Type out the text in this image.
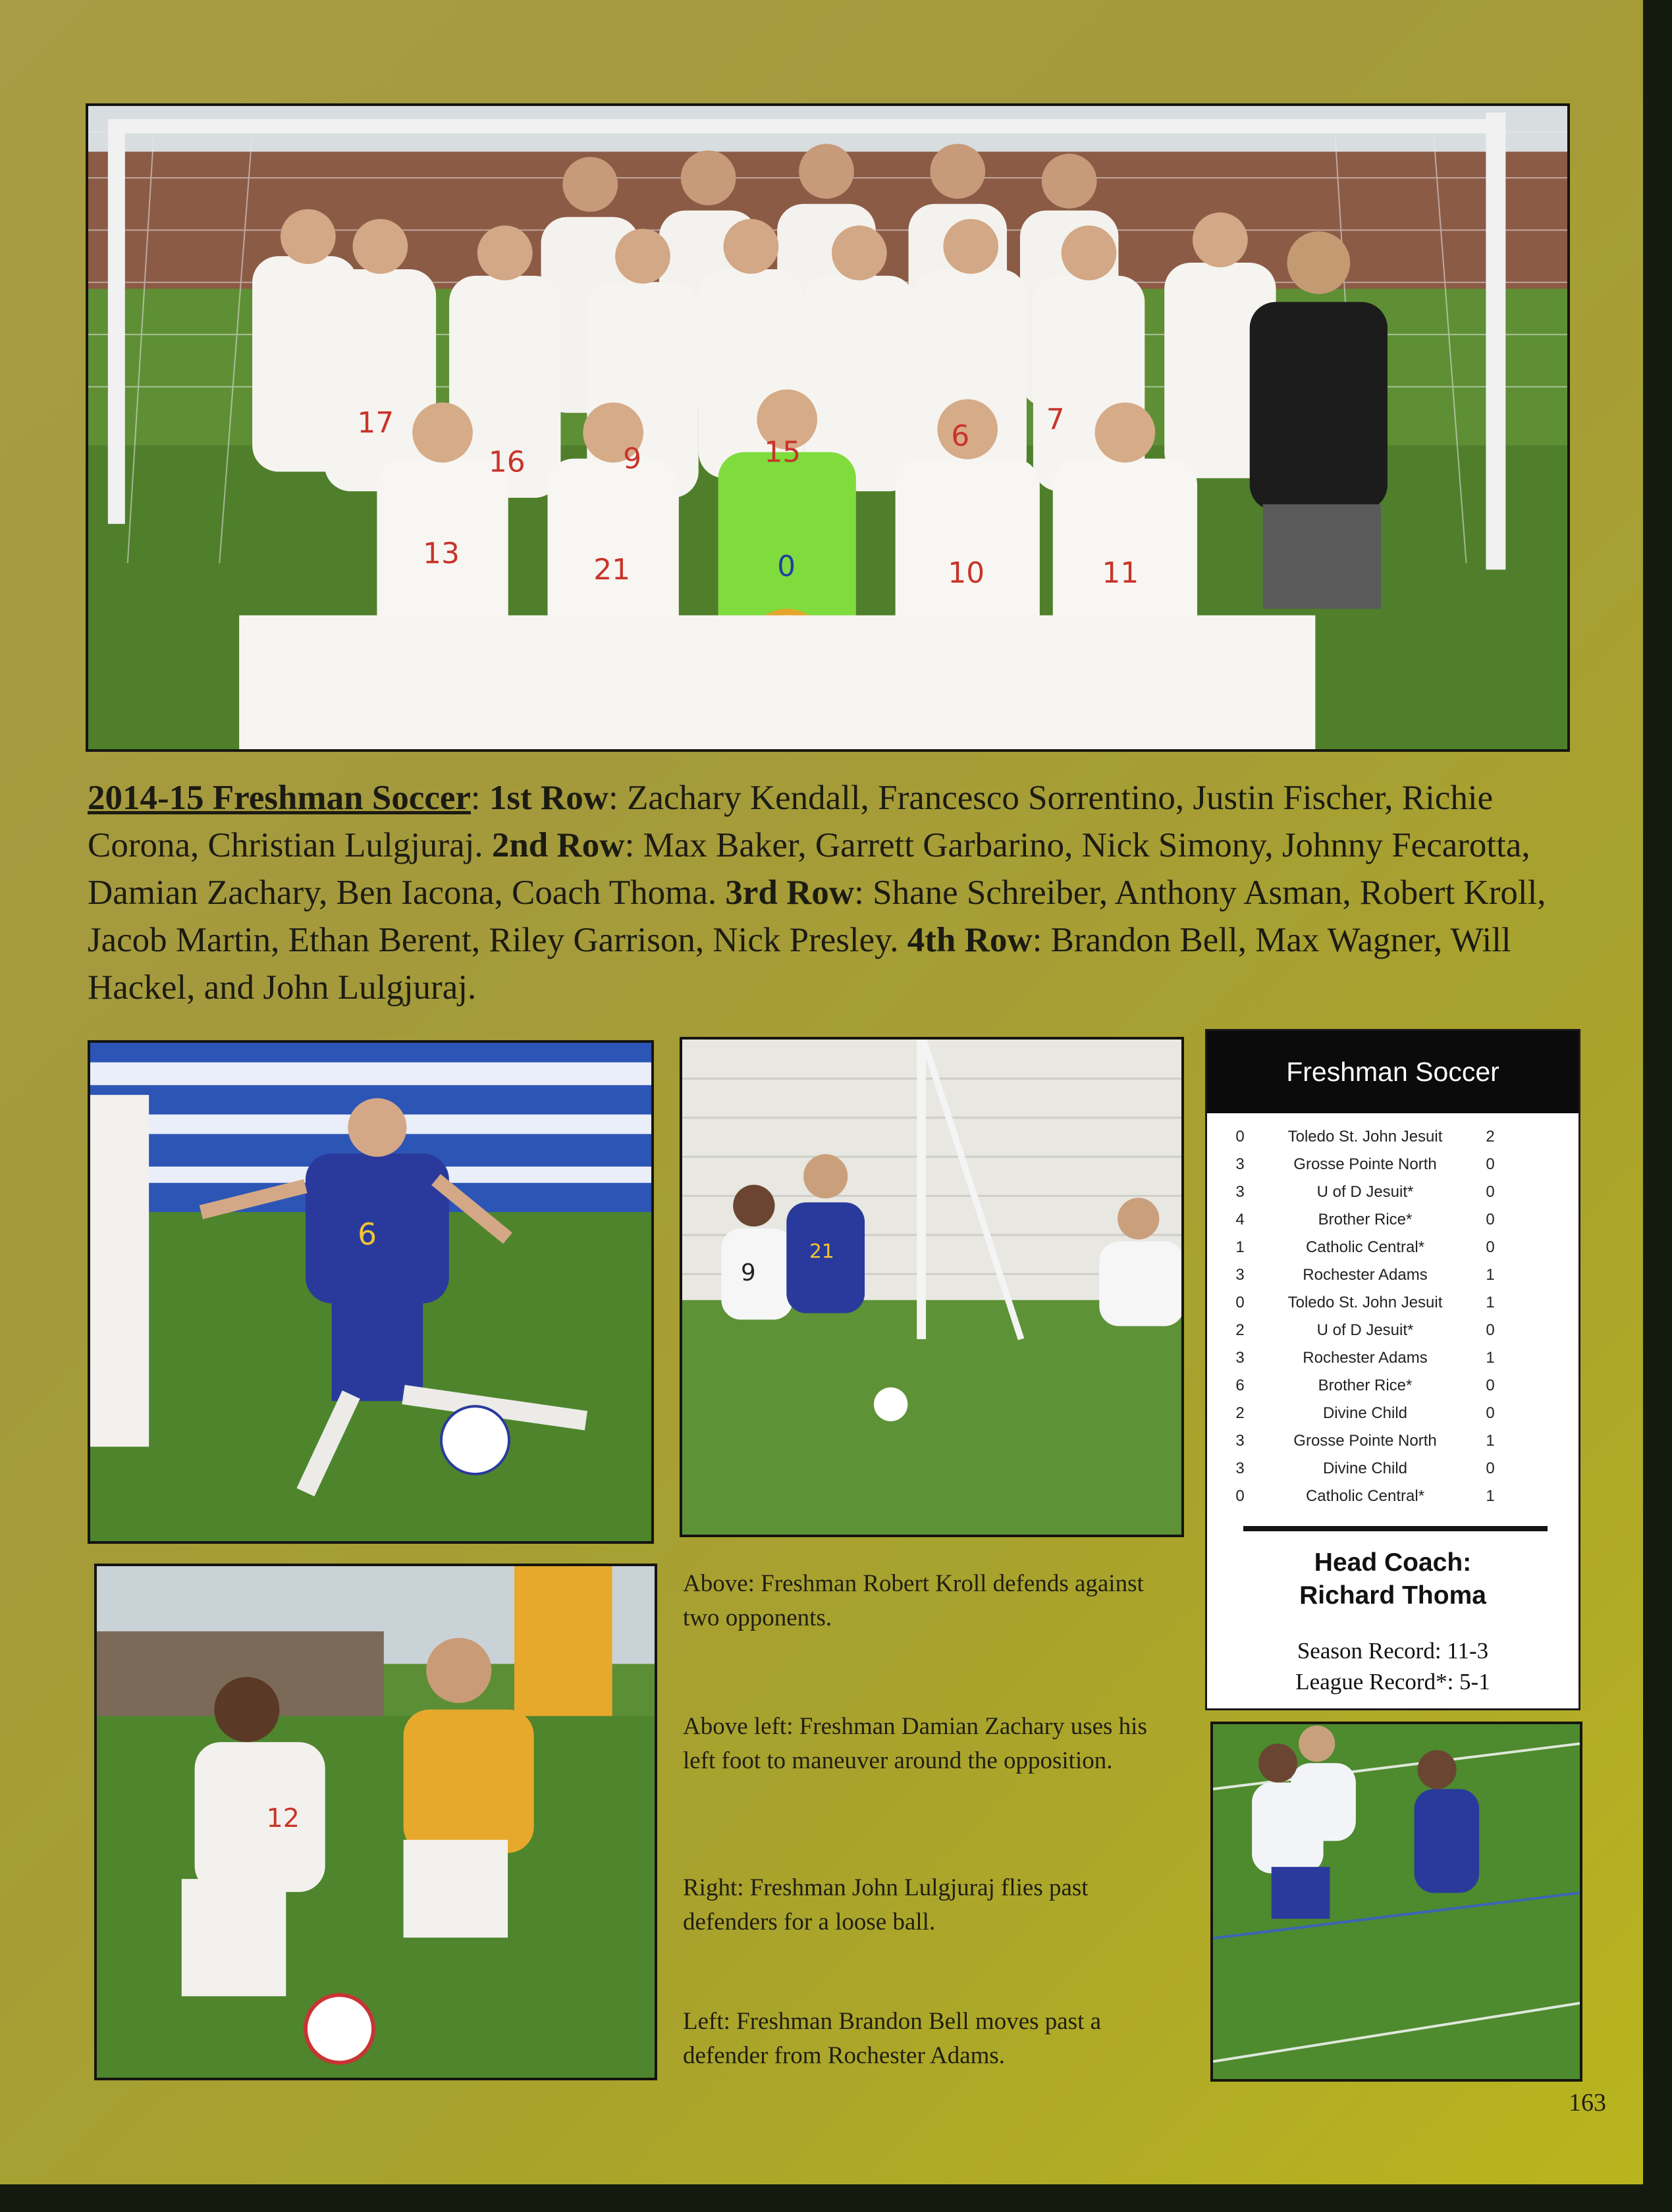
17
16	9	15	6	7
13	21	0	10	11
2014-15 Freshman Soccer: 1st Row: Zachary Kendall, Francesco Sorrentino, Justin Fischer, Richie Corona, Christian Lulgjuraj. 2nd Row: Max Baker, Garrett Garbarino, Nick Simony, Johnny Fecarotta, Damian Zachary, Ben Iacona, Coach Thoma. 3rd Row: Shane Schreiber, Anthony Asman, Robert Kroll, Jacob Martin, Ethan Berent, Riley Garrison, Nick Presley. 4th Row: Brandon Bell, Max Wagner, Will Hackel, and John Lulgjuraj.
6
9
21
12
Above: Freshman Robert Kroll defends against two opponents.
Above left: Freshman Damian Zachary uses his left foot to maneuver around the opposition.
Right: Freshman John Lulgjuraj flies past defenders for a loose ball.
Left: Freshman Brandon Bell moves past a defender from Rochester Adams.
Freshman Soccer
0	Toledo St. John Jesuit	2
3	Grosse Pointe North	0
3	U of D Jesuit*	0
4	Brother Rice*	0
1	Catholic Central*	0
3	Rochester Adams	1
0	Toledo St. John Jesuit	1
2	U of D Jesuit*	0
3	Rochester Adams	1
6	Brother Rice*	0
2	Divine Child	0
3	Grosse Pointe North	1
3	Divine Child	0
0	Catholic Central*	1
Head Coach:
Richard Thoma
Season Record: 11-3
League Record*: 5-1
163
